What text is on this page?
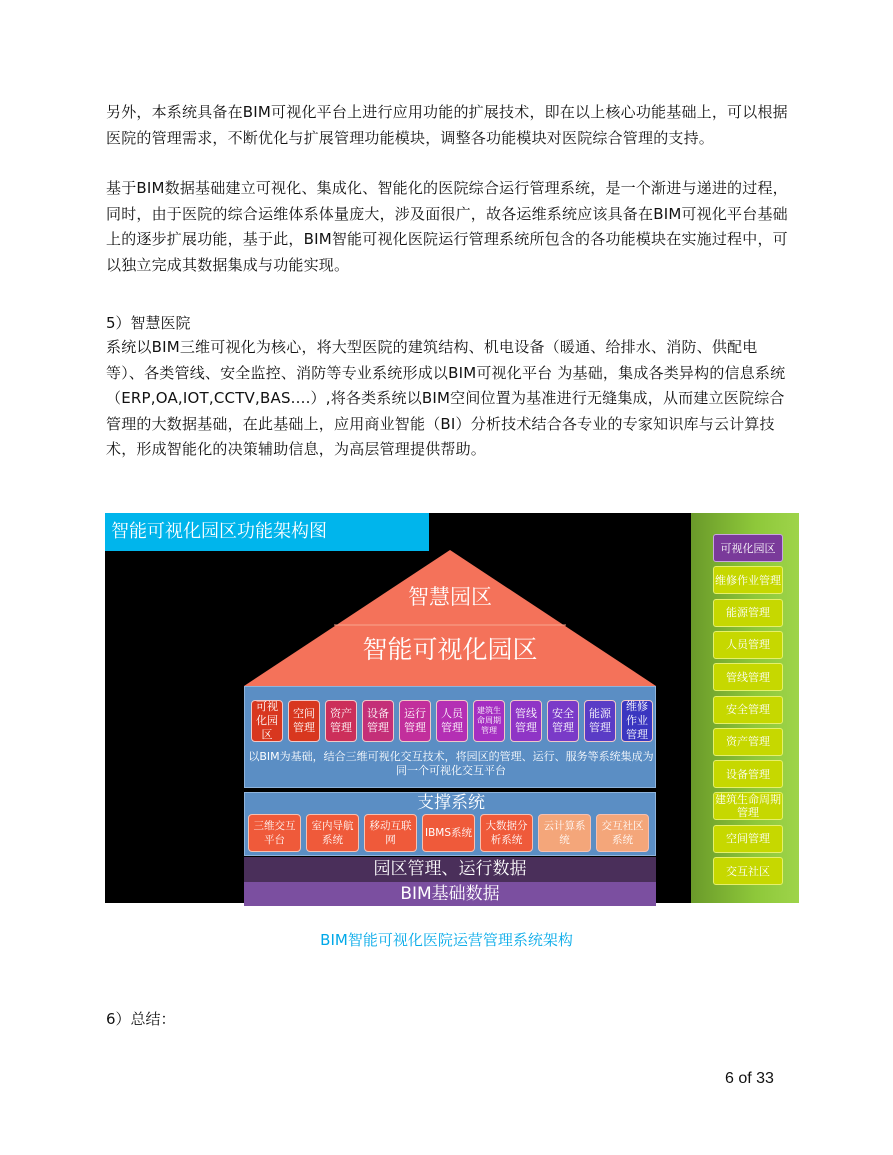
另外，本系统具备在BIM可视化平台上进行应用功能的扩展技术，即在以上核心功能基础上，可以根据医院的管理需求，不断优化与扩展管理功能模块，调整各功能模块对医院综合管理的支持。

基于BIM数据基础建立可视化、集成化、智能化的医院综合运行管理系统，是一个渐进与递进的过程，同时，由于医院的综合运维体系体量庞大，涉及面很广，故各运维系统应该具备在BIM可视化平台基础上的逐步扩展功能，基于此，BIM智能可视化医院运行管理系统所包含的各功能模块在实施过程中，可以独立完成其数据集成与功能实现。

5）智慧医院

系统以BIM三维可视化为核心，将大型医院的建筑结构、机电设备（暖通、给排水、消防、供配电等）、各类管线、安全监控、消防等专业系统形成以BIM可视化平台 为基础，集成各类异构的信息系统（ERP,OA,IOT,CCTV,BAS....）,将各类系统以BIM空间位置为基准进行无缝集成，从而建立医院综合管理的大数据基础，在此基础上，应用商业智能（BI）分析技术结合各专业的专家知识库与云计算技术，形成智能化的决策辅助信息，为高层管理提供帮助。

智能可视化园区功能架构图
智慧园区
智能可视化园区
可视化园区
空间管理
资产管理
设备管理
运行管理
人员管理
建筑生命周期管理
管线管理
安全管理
能源管理
维修作业管理
以BIM为基础，结合三维可视化交互技术，将园区的管理、运行、服务等系统集成为同一个可视化交互平台
支撑系统
三维交互平台
室内导航系统
移动互联网
IBMS系统
大数据分析系统
云计算系统
交互社区系统
园区管理、运行数据
BIM基础数据
可视化园区
维修作业管理
能源管理
人员管理
管线管理
安全管理
资产管理
设备管理
建筑生命周期管理
空间管理
交互社区
BIM智能可视化医院运营管理系统架构
6）总结：
6 of 33
